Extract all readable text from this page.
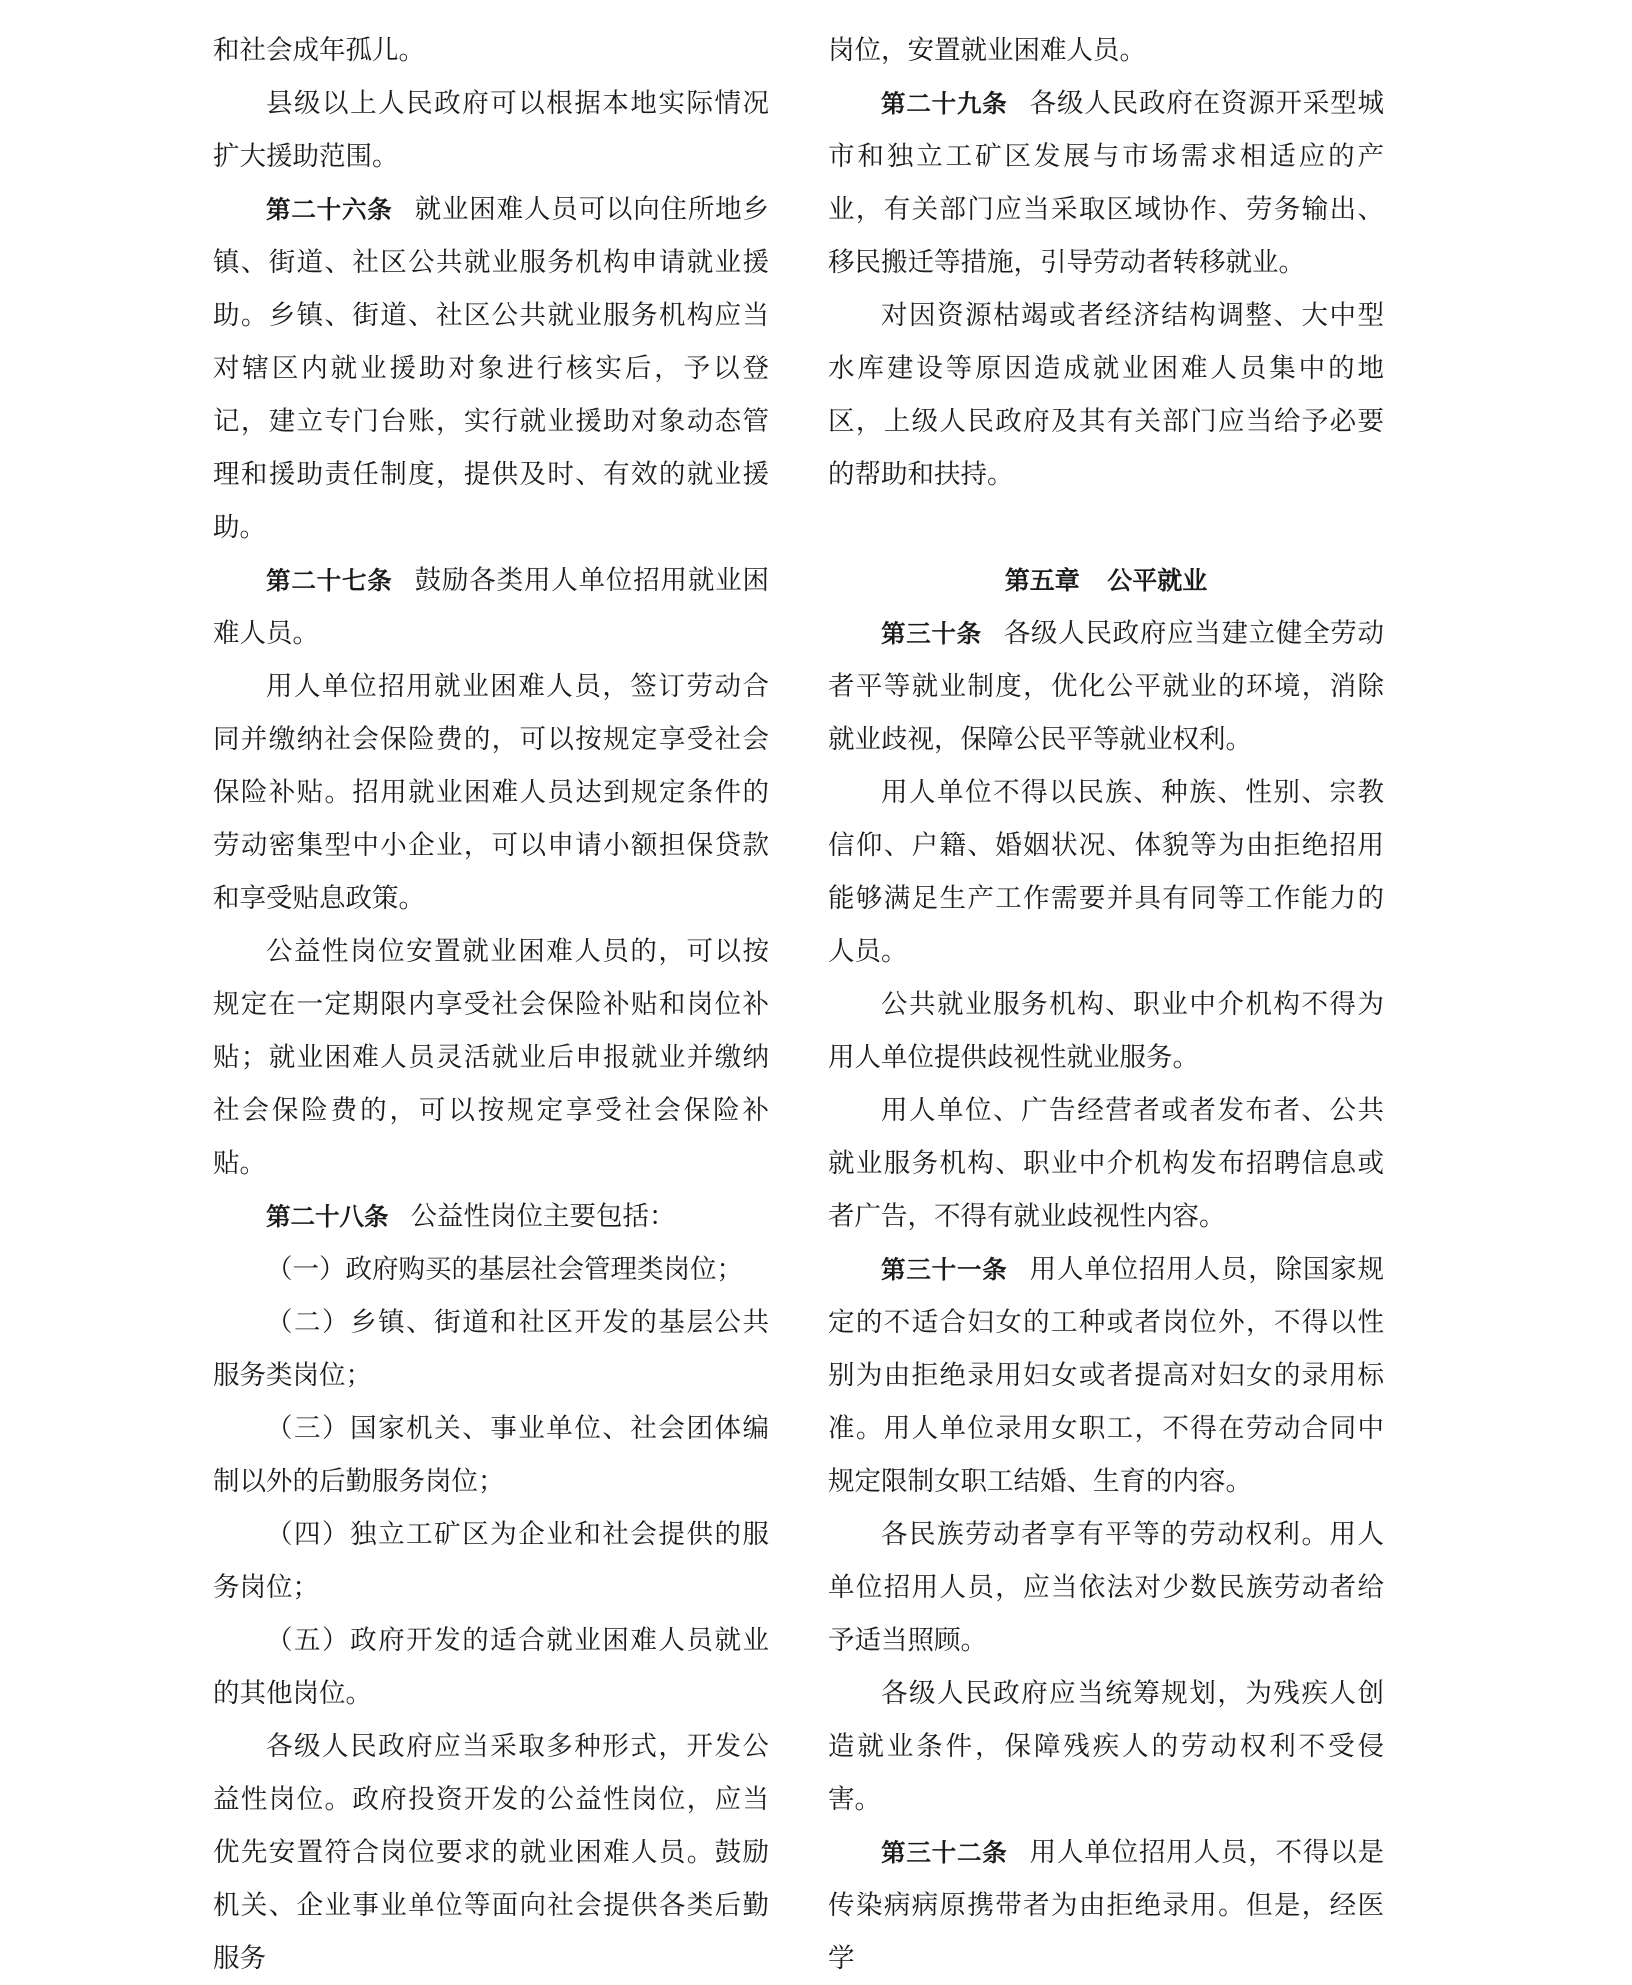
和社会成年孤儿。

县级以上人民政府可以根据本地实际情况扩大援助范围。

第二十六条 就业困难人员可以向住所地乡镇、街道、社区公共就业服务机构申请就业援助。乡镇、街道、社区公共就业服务机构应当对辖区内就业援助对象进行核实后，予以登记，建立专门台账，实行就业援助对象动态管理和援助责任制度，提供及时、有效的就业援助。

第二十七条 鼓励各类用人单位招用就业困难人员。

用人单位招用就业困难人员，签订劳动合同并缴纳社会保险费的，可以按规定享受社会保险补贴。招用就业困难人员达到规定条件的劳动密集型中小企业，可以申请小额担保贷款和享受贴息政策。

公益性岗位安置就业困难人员的，可以按规定在一定期限内享受社会保险补贴和岗位补贴；就业困难人员灵活就业后申报就业并缴纳社会保险费的，可以按规定享受社会保险补贴。

第二十八条 公益性岗位主要包括：

（一）政府购买的基层社会管理类岗位；

（二）乡镇、街道和社区开发的基层公共服务类岗位；

（三）国家机关、事业单位、社会团体编制以外的后勤服务岗位；

（四）独立工矿区为企业和社会提供的服务岗位；

（五）政府开发的适合就业困难人员就业的其他岗位。

各级人民政府应当采取多种形式，开发公益性岗位。政府投资开发的公益性岗位，应当优先安置符合岗位要求的就业困难人员。鼓励机关、企业事业单位等面向社会提供各类后勤服务

岗位，安置就业困难人员。

第二十九条 各级人民政府在资源开采型城市和独立工矿区发展与市场需求相适应的产业，有关部门应当采取区域协作、劳务输出、移民搬迁等措施，引导劳动者转移就业。

对因资源枯竭或者经济结构调整、大中型水库建设等原因造成就业困难人员集中的地区，上级人民政府及其有关部门应当给予必要的帮助和扶持。

第五章 公平就业

第三十条 各级人民政府应当建立健全劳动者平等就业制度，优化公平就业的环境，消除就业歧视，保障公民平等就业权利。

用人单位不得以民族、种族、性别、宗教信仰、户籍、婚姻状况、体貌等为由拒绝招用能够满足生产工作需要并具有同等工作能力的人员。

公共就业服务机构、职业中介机构不得为用人单位提供歧视性就业服务。

用人单位、广告经营者或者发布者、公共就业服务机构、职业中介机构发布招聘信息或者广告，不得有就业歧视性内容。

第三十一条 用人单位招用人员，除国家规定的不适合妇女的工种或者岗位外，不得以性别为由拒绝录用妇女或者提高对妇女的录用标准。用人单位录用女职工，不得在劳动合同中规定限制女职工结婚、生育的内容。

各民族劳动者享有平等的劳动权利。用人单位招用人员，应当依法对少数民族劳动者给予适当照顾。

各级人民政府应当统筹规划，为残疾人创造就业条件，保障残疾人的劳动权利不受侵害。

第三十二条 用人单位招用人员，不得以是传染病病原携带者为由拒绝录用。但是，经医学
